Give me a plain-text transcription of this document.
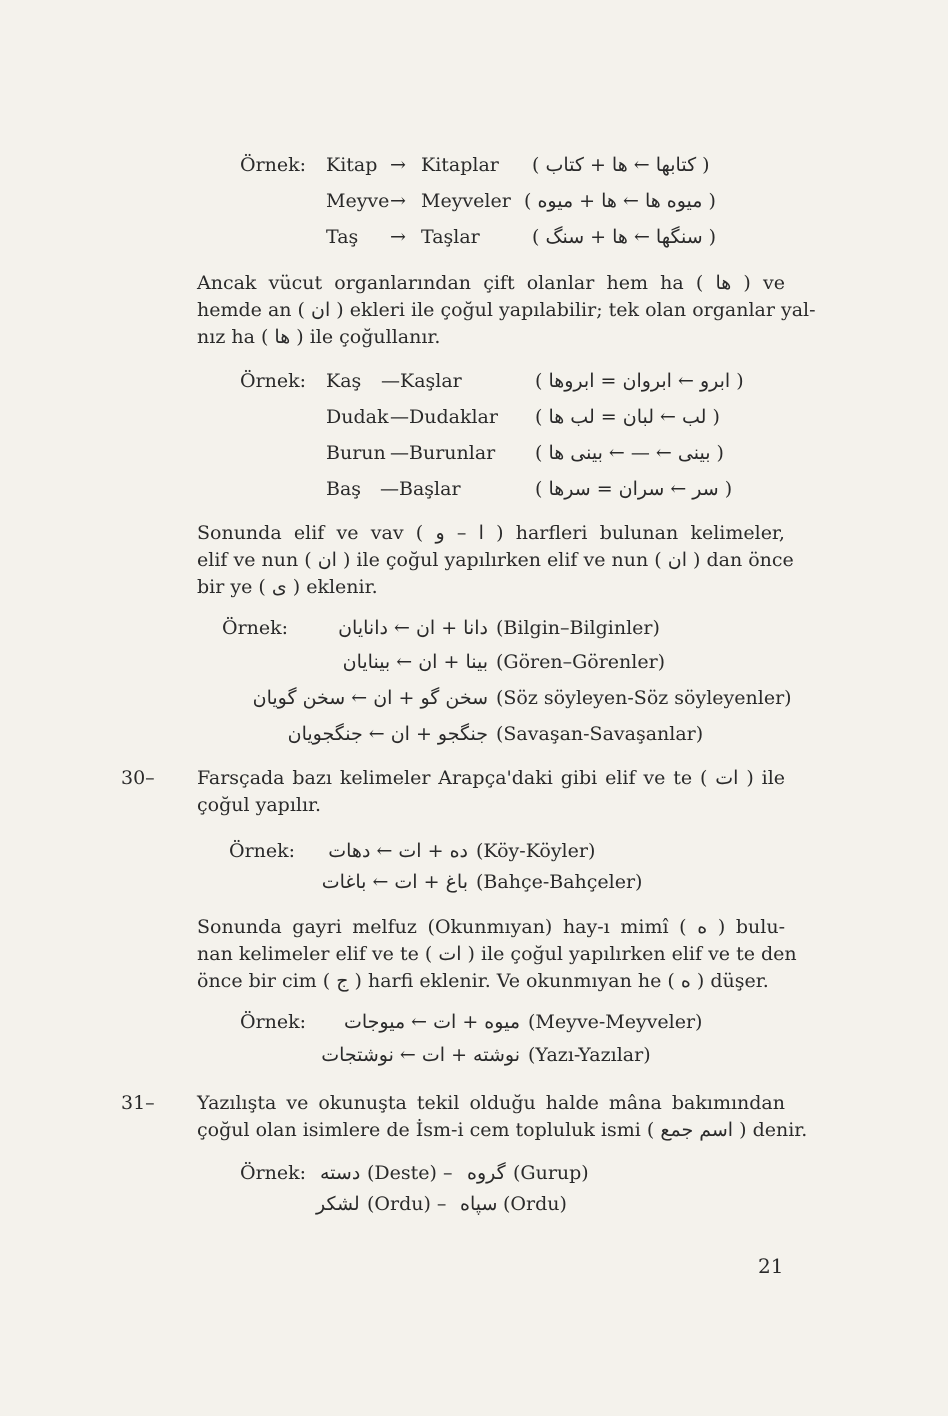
Örnek: Kitap → Kitaplar ( کتابها ← ها + کتاب )
Meyve → Meyveler ( میوه ها ← ها + میوه )
Taş → Taşlar	( سنگها ← ها + سنگ )
Ancak vücut organlarından çift olanlar hem ha ( ها ) ve
hemde an ( ان ) ekleri ile çoğul yapılabilir; tek olan organlar yal-
nız ha ( ها ) ile çoğullanır.
Örnek: Kaş —Kaşlar	( ابرو ← ابروان = ابروها )
Dudak —Dudaklar ( لب ← لبان = لب ها )
Burun —Burunlar ( بینی ← — ← بینی ها )
Baş —Başlar	( سر ← سران = سرها )
Sonunda elif ve vav ( ا – و ) harfleri bulunan kelimeler,
elif ve nun ( ان ) ile çoğul yapılırken elif ve nun ( ان ) dan önce
bir ye ( ی ) eklenir.
Örnek:	دانا + ان ← دانایان (Bilgin–Bilginler)
بینا + ان ← بینایان (Gören–Görenler)
سخن گو + ان ← سخن گویان (Söz söyleyen-Söz söyleyenler)
جنگجو + ان ← جنگجویان (Savaşan-Savaşanlar)
30– Farsçada bazı kelimeler Arapça'daki gibi elif ve te ( ات ) ile
çoğul yapılır.
Örnek:	ده + ات ← دهات (Köy-Köyler)
باغ + ات ← باغات (Bahçe-Bahçeler)
Sonunda gayri melfuz (Okunmıyan) hay-ı mimî ( ه ) bulu-
nan kelimeler elif ve te ( ات ) ile çoğul yapılırken elif ve te den
önce bir cim ( ج ) harfi eklenir. Ve okunmıyan he ( ه ) düşer.
Örnek:	میوه + ات ← میوجات (Meyve-Meyveler)
نوشته + ات ← نوشتجات (Yazı-Yazılar)
31– Yazılışta ve okunuşta tekil olduğu halde mâna bakımından
çoğul olan isimlere de İsm-i cem topluluk ismi ( اسم جمع ) denir.
Örnek: دسته (Deste) – گروه (Gurup)
لشکر (Ordu) – سپاه (Ordu)
21
